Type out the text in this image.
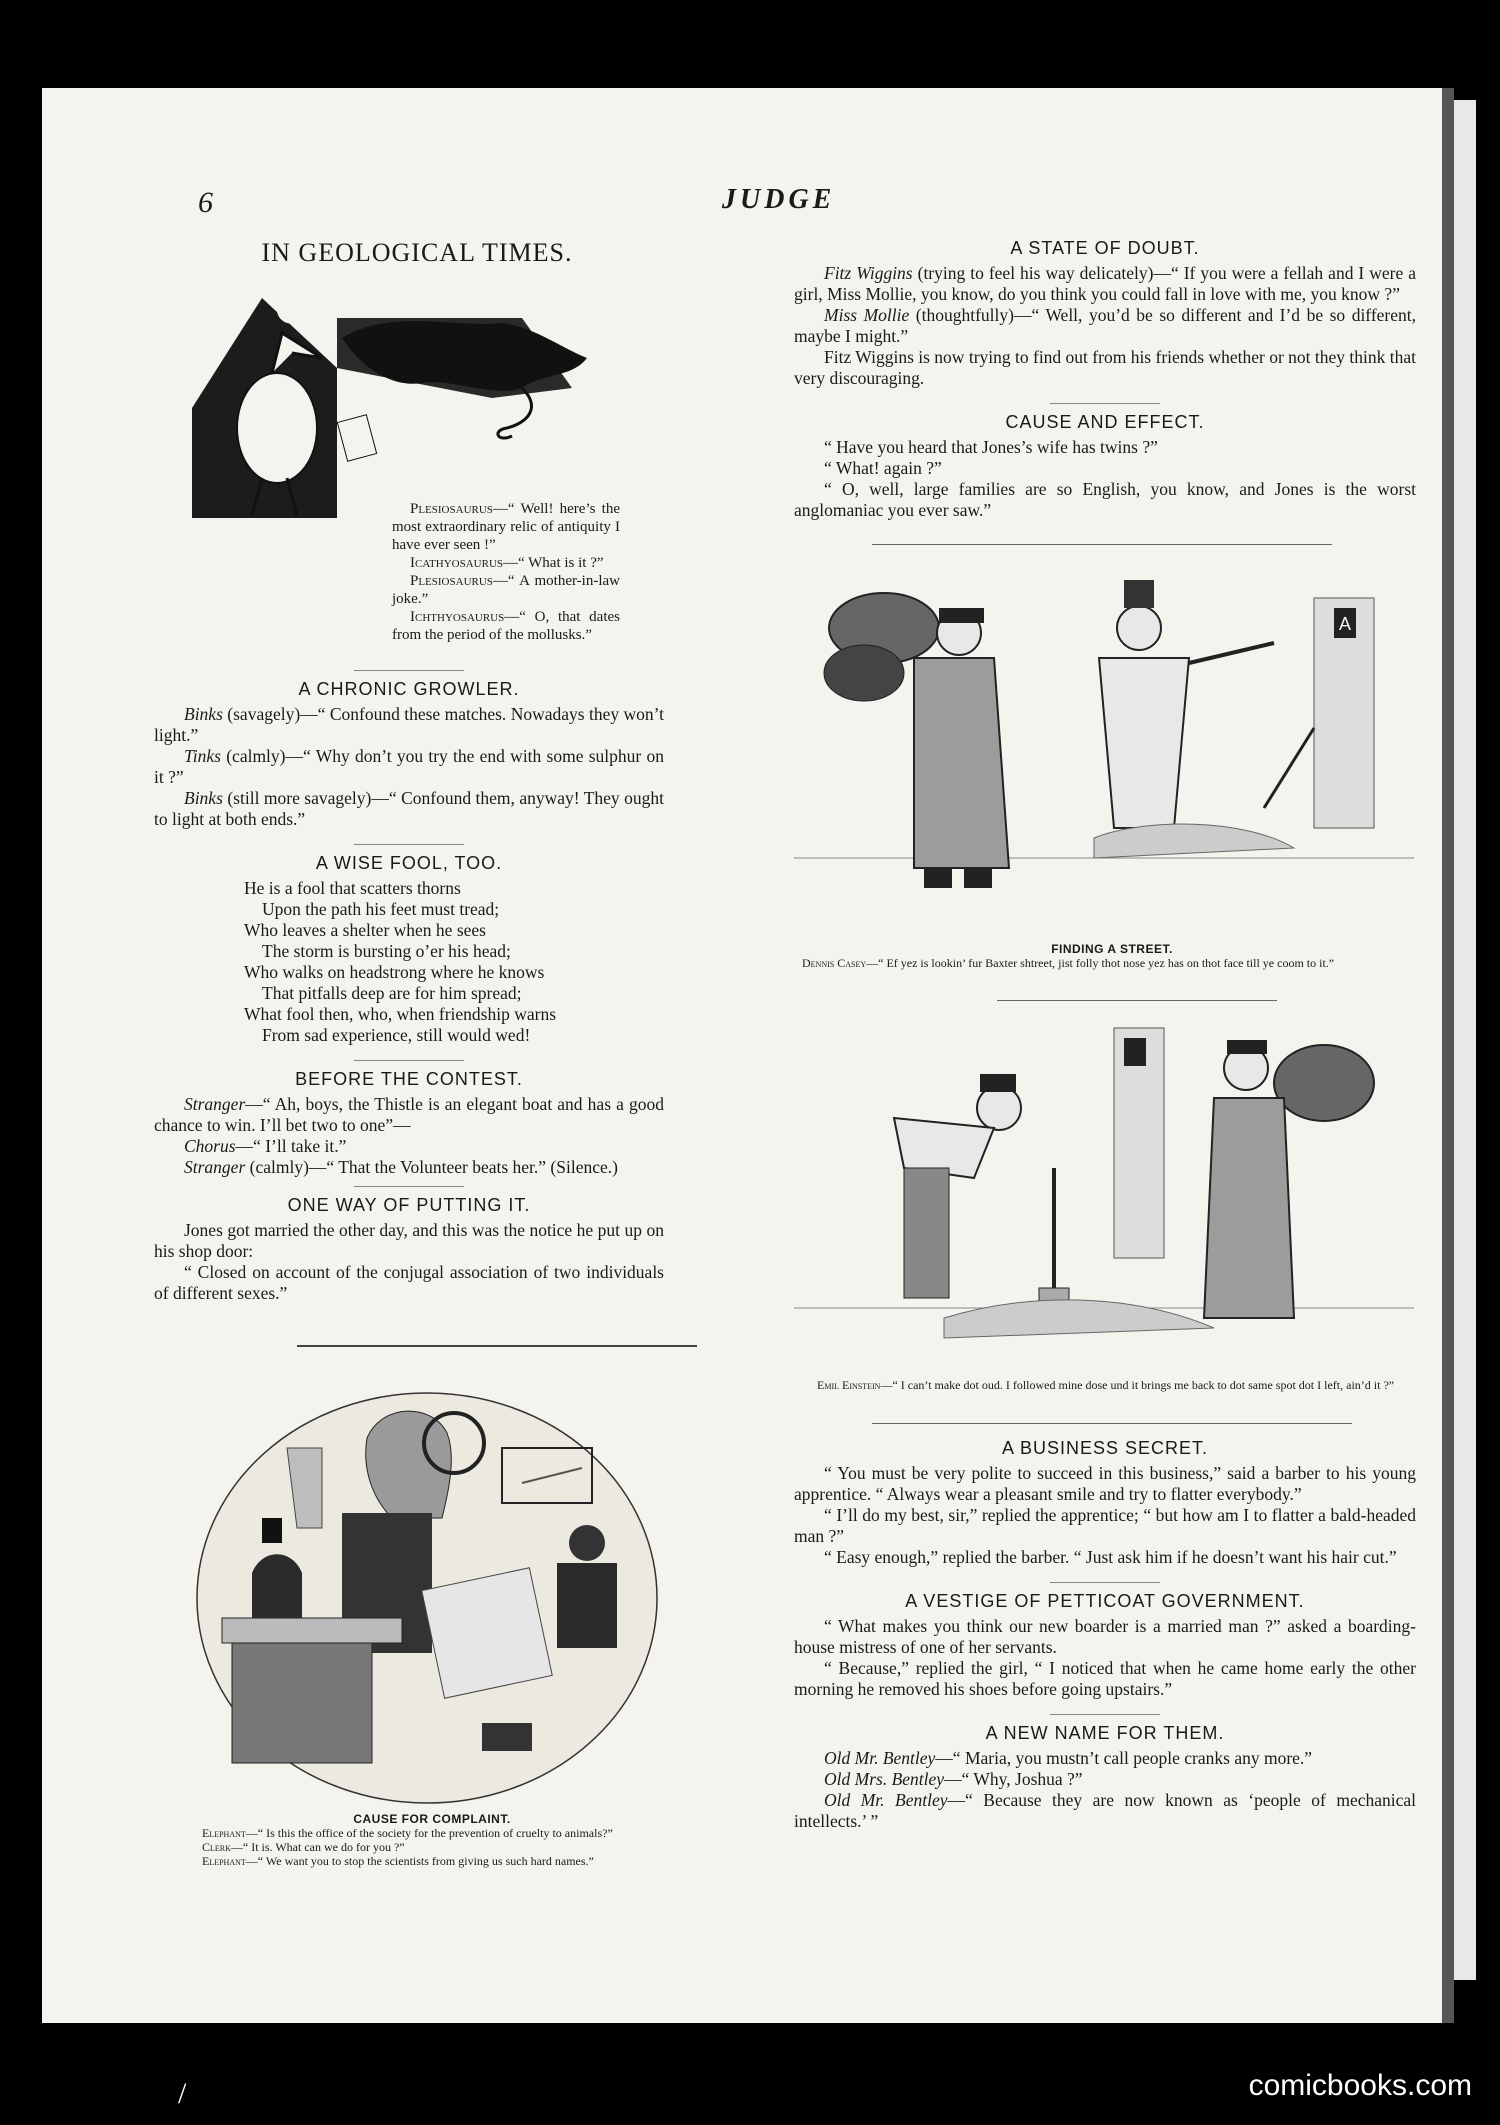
6	JUDGE
IN GEOLOGICAL TIMES.

Plesiosaurus—“ Well! here’s the most extraordinary relic of antiquity I have ever seen !”

Icathyosaurus—“ What is it ?”

Plesiosaurus—“ A mother-in-law joke.”

Ichthyosaurus—“ O, that dates from the period of the mollusks.”

A CHRONIC GROWLER.

Binks (savagely)—“ Confound these matches. Nowadays they won’t light.”

Tinks (calmly)—“ Why don’t you try the end with some sulphur on it ?”

Binks (still more savagely)—“ Confound them, anyway! They ought to light at both ends.”

A WISE FOOL, TOO.

He is a fool that scatters thorns

Upon the path his feet must tread;

Who leaves a shelter when he sees

The storm is bursting o’er his head;

Who walks on headstrong where he knows

That pitfalls deep are for him spread;

What fool then, who, when friendship warns

From sad experience, still would wed!

BEFORE THE CONTEST.

Stranger—“ Ah, boys, the Thistle is an elegant boat and has a good chance to win. I’ll bet two to one”—

Chorus—“ I’ll take it.”

Stranger (calmly)—“ That the Volunteer beats her.” (Silence.)

ONE WAY OF PUTTING IT.

Jones got married the other day, and this was the notice he put up on his shop door:

“ Closed on account of the conjugal association of two individuals of different sexes.”

CAUSE FOR COMPLAINT.
Elephant—“ Is this the office of the society for the prevention of cruelty to animals?”
Clerk—“ It is. What can we do for you ?”
Elephant—“ We want you to stop the scientists from giving us such hard names.”
A STATE OF DOUBT.

Fitz Wiggins (trying to feel his way delicately)—“ If you were a fellah and I were a girl, Miss Mollie, you know, do you think you could fall in love with me, you know ?”

Miss Mollie (thoughtfully)—“ Well, you’d be so different and I’d be so different, maybe I might.”

Fitz Wiggins is now trying to find out from his friends whether or not they think that very discouraging.

CAUSE AND EFFECT.

“ Have you heard that Jones’s wife has twins ?”

“ What! again ?”

“ O, well, large families are so English, you know, and Jones is the worst anglomaniac you ever saw.”

A
FINDING A STREET.
Dennis Casey—“ Ef yez is lookin’ fur Baxter shtreet, jist folly thot nose yez has on thot face till ye coom to it.”
Emil Einstein—“ I can’t make dot oud. I followed mine dose und it brings me back to dot same spot dot I left, ain’d it ?”
A BUSINESS SECRET.

“ You must be very polite to succeed in this business,” said a barber to his young apprentice. “ Always wear a pleasant smile and try to flatter everybody.”

“ I’ll do my best, sir,” replied the apprentice; “ but how am I to flatter a bald-headed man ?”

“ Easy enough,” replied the barber. “ Just ask him if he doesn’t want his hair cut.”

A VESTIGE OF PETTICOAT GOVERNMENT.

“ What makes you think our new boarder is a married man ?” asked a boarding-house mistress of one of her servants.

“ Because,” replied the girl, “ I noticed that when he came home early the other morning he removed his shoes before going upstairs.”

A NEW NAME FOR THEM.

Old Mr. Bentley—“ Maria, you mustn’t call people cranks any more.”

Old Mrs. Bentley—“ Why, Joshua ?”

Old Mr. Bentley—“ Because they are now known as ‘people of mechanical intellects.’ ”

/	comicbooks.com
